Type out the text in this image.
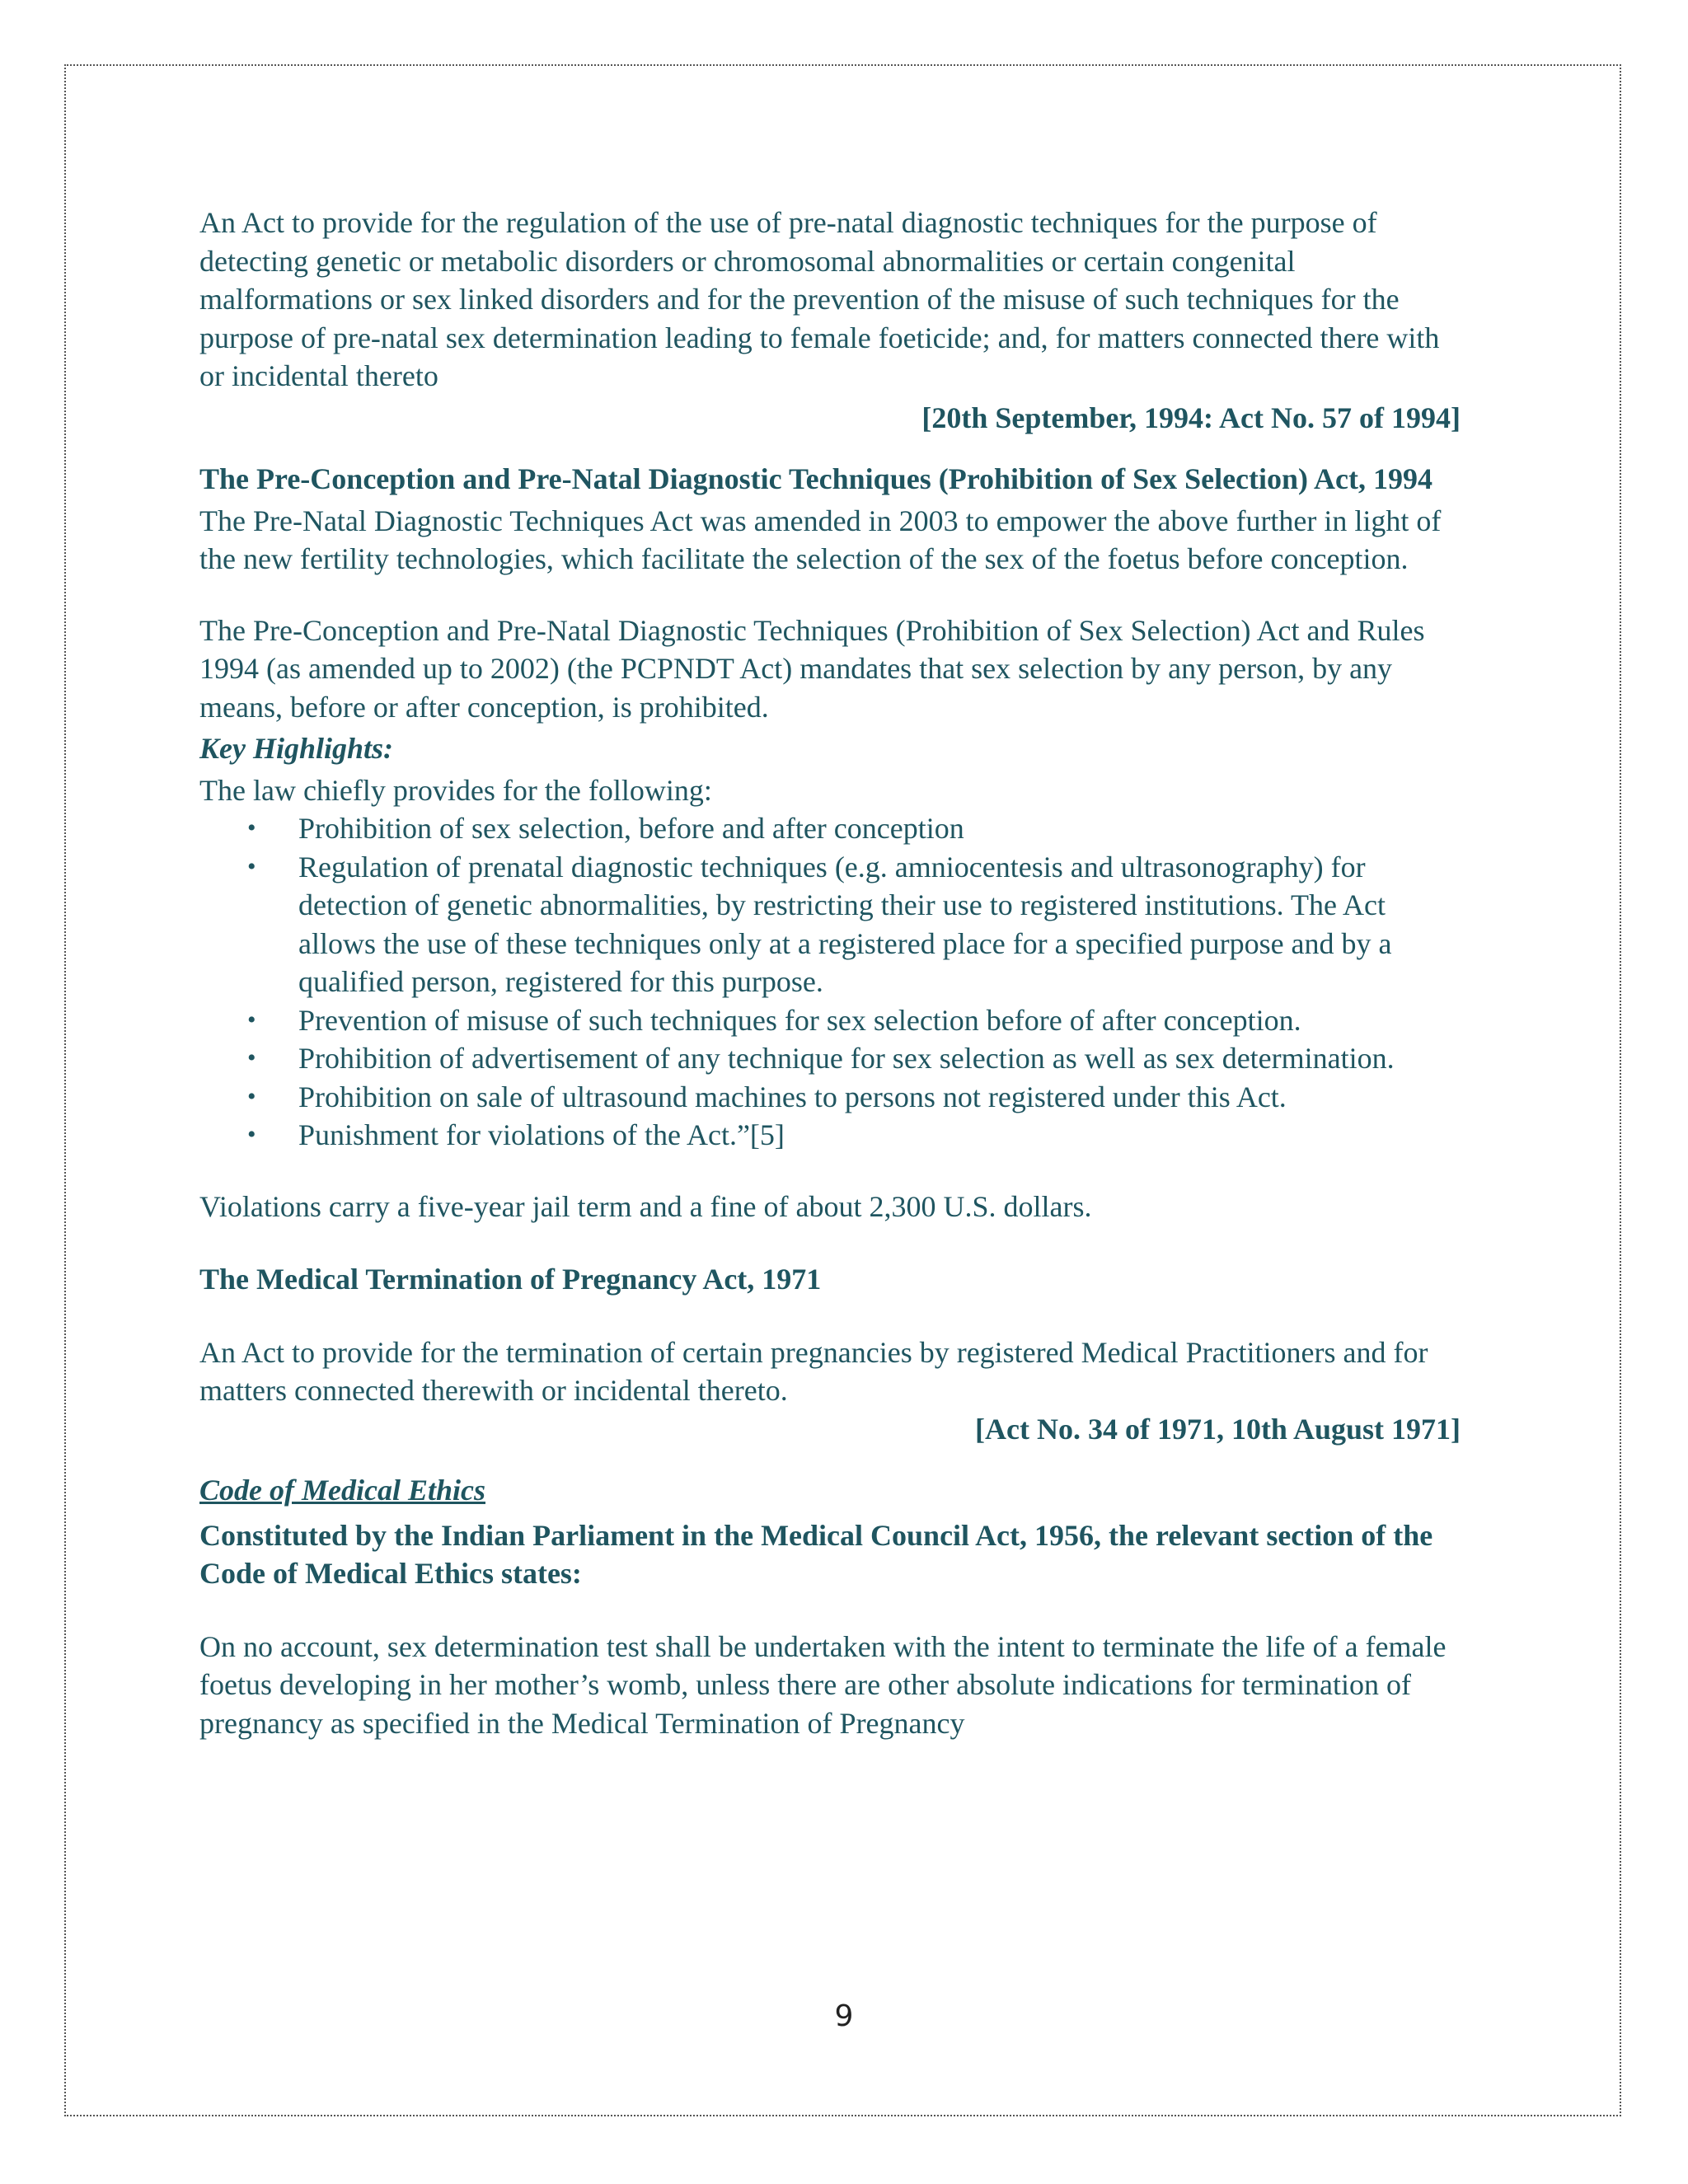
An Act to provide for the regulation of the use of pre-natal diagnostic techniques for the purpose of detecting genetic or metabolic disorders or chromosomal abnormalities or certain congenital malformations or sex linked disorders and for the prevention of the misuse of such techniques for the purpose of pre-natal sex determination leading to female foeticide; and, for matters connected there with or incidental thereto

[20th September, 1994: Act No. 57 of 1994]

The Pre-Conception and Pre-Natal Diagnostic Techniques (Prohibition of Sex Selection) Act, 1994

The Pre-Natal Diagnostic Techniques Act was amended in 2003 to empower the above further in light of the new fertility technologies, which facilitate the selection of the sex of the foetus before conception.

The Pre-Conception and Pre-Natal Diagnostic Techniques (Prohibition of Sex Selection) Act and Rules 1994 (as amended up to 2002) (the PCPNDT Act) mandates that sex selection by any person, by any means, before or after conception, is prohibited.

Key Highlights:

The law chiefly provides for the following:

• Prohibition of sex selection, before and after conception
• Regulation of prenatal diagnostic techniques (e.g. amniocentesis and ultrasonography) for detection of genetic abnormalities, by restricting their use to registered institutions. The Act allows the use of these techniques only at a registered place for a specified purpose and by a qualified person, registered for this purpose.
• Prevention of misuse of such techniques for sex selection before of after conception.
• Prohibition of advertisement of any technique for sex selection as well as sex determination.
• Prohibition on sale of ultrasound machines to persons not registered under this Act.
• Punishment for violations of the Act.”[5]

Violations carry a five-year jail term and a fine of about 2,300 U.S. dollars.

The Medical Termination of Pregnancy Act, 1971

An Act to provide for the termination of certain pregnancies by registered Medical Practitioners and for matters connected therewith or incidental thereto.

[Act No. 34 of 1971, 10th August 1971]

Code of Medical Ethics

Constituted by the Indian Parliament in the Medical Council Act, 1956, the relevant section of the Code of Medical Ethics states:

On no account, sex determination test shall be undertaken with the intent to terminate the life of a female foetus developing in her mother’s womb, unless there are other absolute indications for termination of pregnancy as specified in the Medical Termination of Pregnancy

9
